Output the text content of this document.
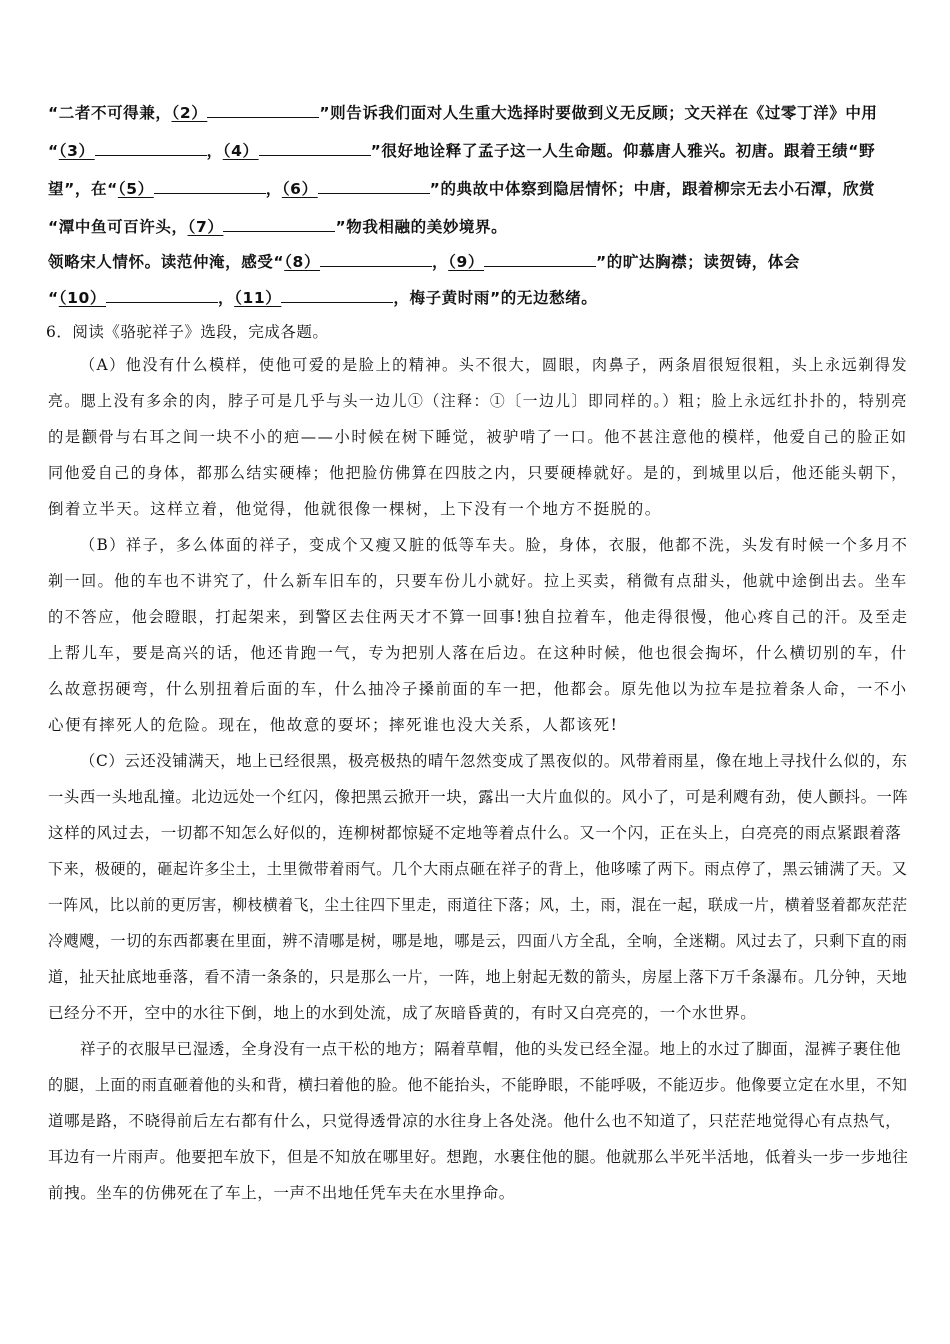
“二者不可得兼，（2）	”则告诉我们面对人生重大选择时要做到义无反顾；文天祥在《过零丁洋》中用
“（3）	，（4）	”很好地诠释了孟子这一人生命题。仰慕唐人雅兴。初唐。跟着王绩“野
望”，在“（5）	，（6）	”的典故中体察到隐居情怀；中唐，跟着柳宗无去小石潭，欣赏
“潭中鱼可百许头，（7）	”物我相融的美妙境界。
领略宋人情怀。读范仲淹，感受“（8）	，（9）	”的旷达胸襟；读贺铸，体会
“（10）	，（11）	，梅子黄时雨”的无边愁绪。
6．阅读《骆驼祥子》选段，完成各题。
（A）他没有什么模样，使他可爱的是脸上的精神。头不很大，圆眼，肉鼻子，两条眉很短很粗，头上永远剃得发
亮。腮上没有多余的肉，脖子可是几乎与头一边儿①（注释：①〔一边儿〕即同样的。）粗；脸上永远红扑扑的，特别亮
的是颧骨与右耳之间一块不小的疤——小时候在树下睡觉，被驴啃了一口。他不甚注意他的模样，他爱自己的脸正如
同他爱自己的身体，都那么结实硬棒；他把脸仿佛算在四肢之内，只要硬棒就好。是的，到城里以后，他还能头朝下，
倒着立半天。这样立着，他觉得，他就很像一棵树，上下没有一个地方不挺脱的。
（B）祥子，多么体面的祥子，变成个又瘦又脏的低等车夫。脸，身体，衣服，他都不洗，头发有时候一个多月不
剃一回。他的车也不讲究了，什么新车旧车的，只要车份儿小就好。拉上买卖，稍微有点甜头，他就中途倒出去。坐车
的不答应，他会瞪眼，打起架来，到警区去住两天才不算一回事!独自拉着车，他走得很慢，他心疼自己的汗。及至走
上帮儿车，要是高兴的话，他还肯跑一气，专为把别人落在后边。在这种时候，他也很会掏坏，什么横切别的车，什
么故意拐硬弯，什么别扭着后面的车，什么抽冷子搡前面的车一把，他都会。原先他以为拉车是拉着条人命，一不小
心便有摔死人的危险。现在，他故意的耍坏；摔死谁也没大关系，人都该死!
（C）云还没铺满天，地上已经很黑，极亮极热的晴午忽然变成了黑夜似的。风带着雨星，像在地上寻找什么似的，东
一头西一头地乱撞。北边远处一个红闪，像把黑云掀开一块，露出一大片血似的。风小了，可是利飕有劲，使人颤抖。一阵
这样的风过去，一切都不知怎么好似的，连柳树都惊疑不定地等着点什么。又一个闪，正在头上，白亮亮的雨点紧跟着落
下来，极硬的，砸起许多尘土，土里微带着雨气。几个大雨点砸在祥子的背上，他哆嗦了两下。雨点停了，黑云铺满了天。又
一阵风，比以前的更厉害，柳枝横着飞，尘土往四下里走，雨道往下落；风，土，雨，混在一起，联成一片，横着竖着都灰茫茫
冷飕飕，一切的东西都裹在里面，辨不清哪是树，哪是地，哪是云，四面八方全乱，全响，全迷糊。风过去了，只剩下直的雨
道，扯天扯底地垂落，看不清一条条的，只是那么一片，一阵，地上射起无数的箭头，房屋上落下万千条瀑布。几分钟，天地
已经分不开，空中的水往下倒，地上的水到处流，成了灰暗昏黄的，有时又白亮亮的，一个水世界。
祥子的衣服早已湿透，全身没有一点干松的地方；隔着草帽，他的头发已经全湿。地上的水过了脚面，湿裤子裹住他
的腿，上面的雨直砸着他的头和背，横扫着他的脸。他不能抬头，不能睁眼，不能呼吸，不能迈步。他像要立定在水里，不知
道哪是路，不晓得前后左右都有什么，只觉得透骨凉的水往身上各处浇。他什么也不知道了，只茫茫地觉得心有点热气，
耳边有一片雨声。他要把车放下，但是不知放在哪里好。想跑，水裹住他的腿。他就那么半死半活地，低着头一步一步地往
前拽。坐车的仿佛死在了车上，一声不出地任凭车夫在水里挣命。
